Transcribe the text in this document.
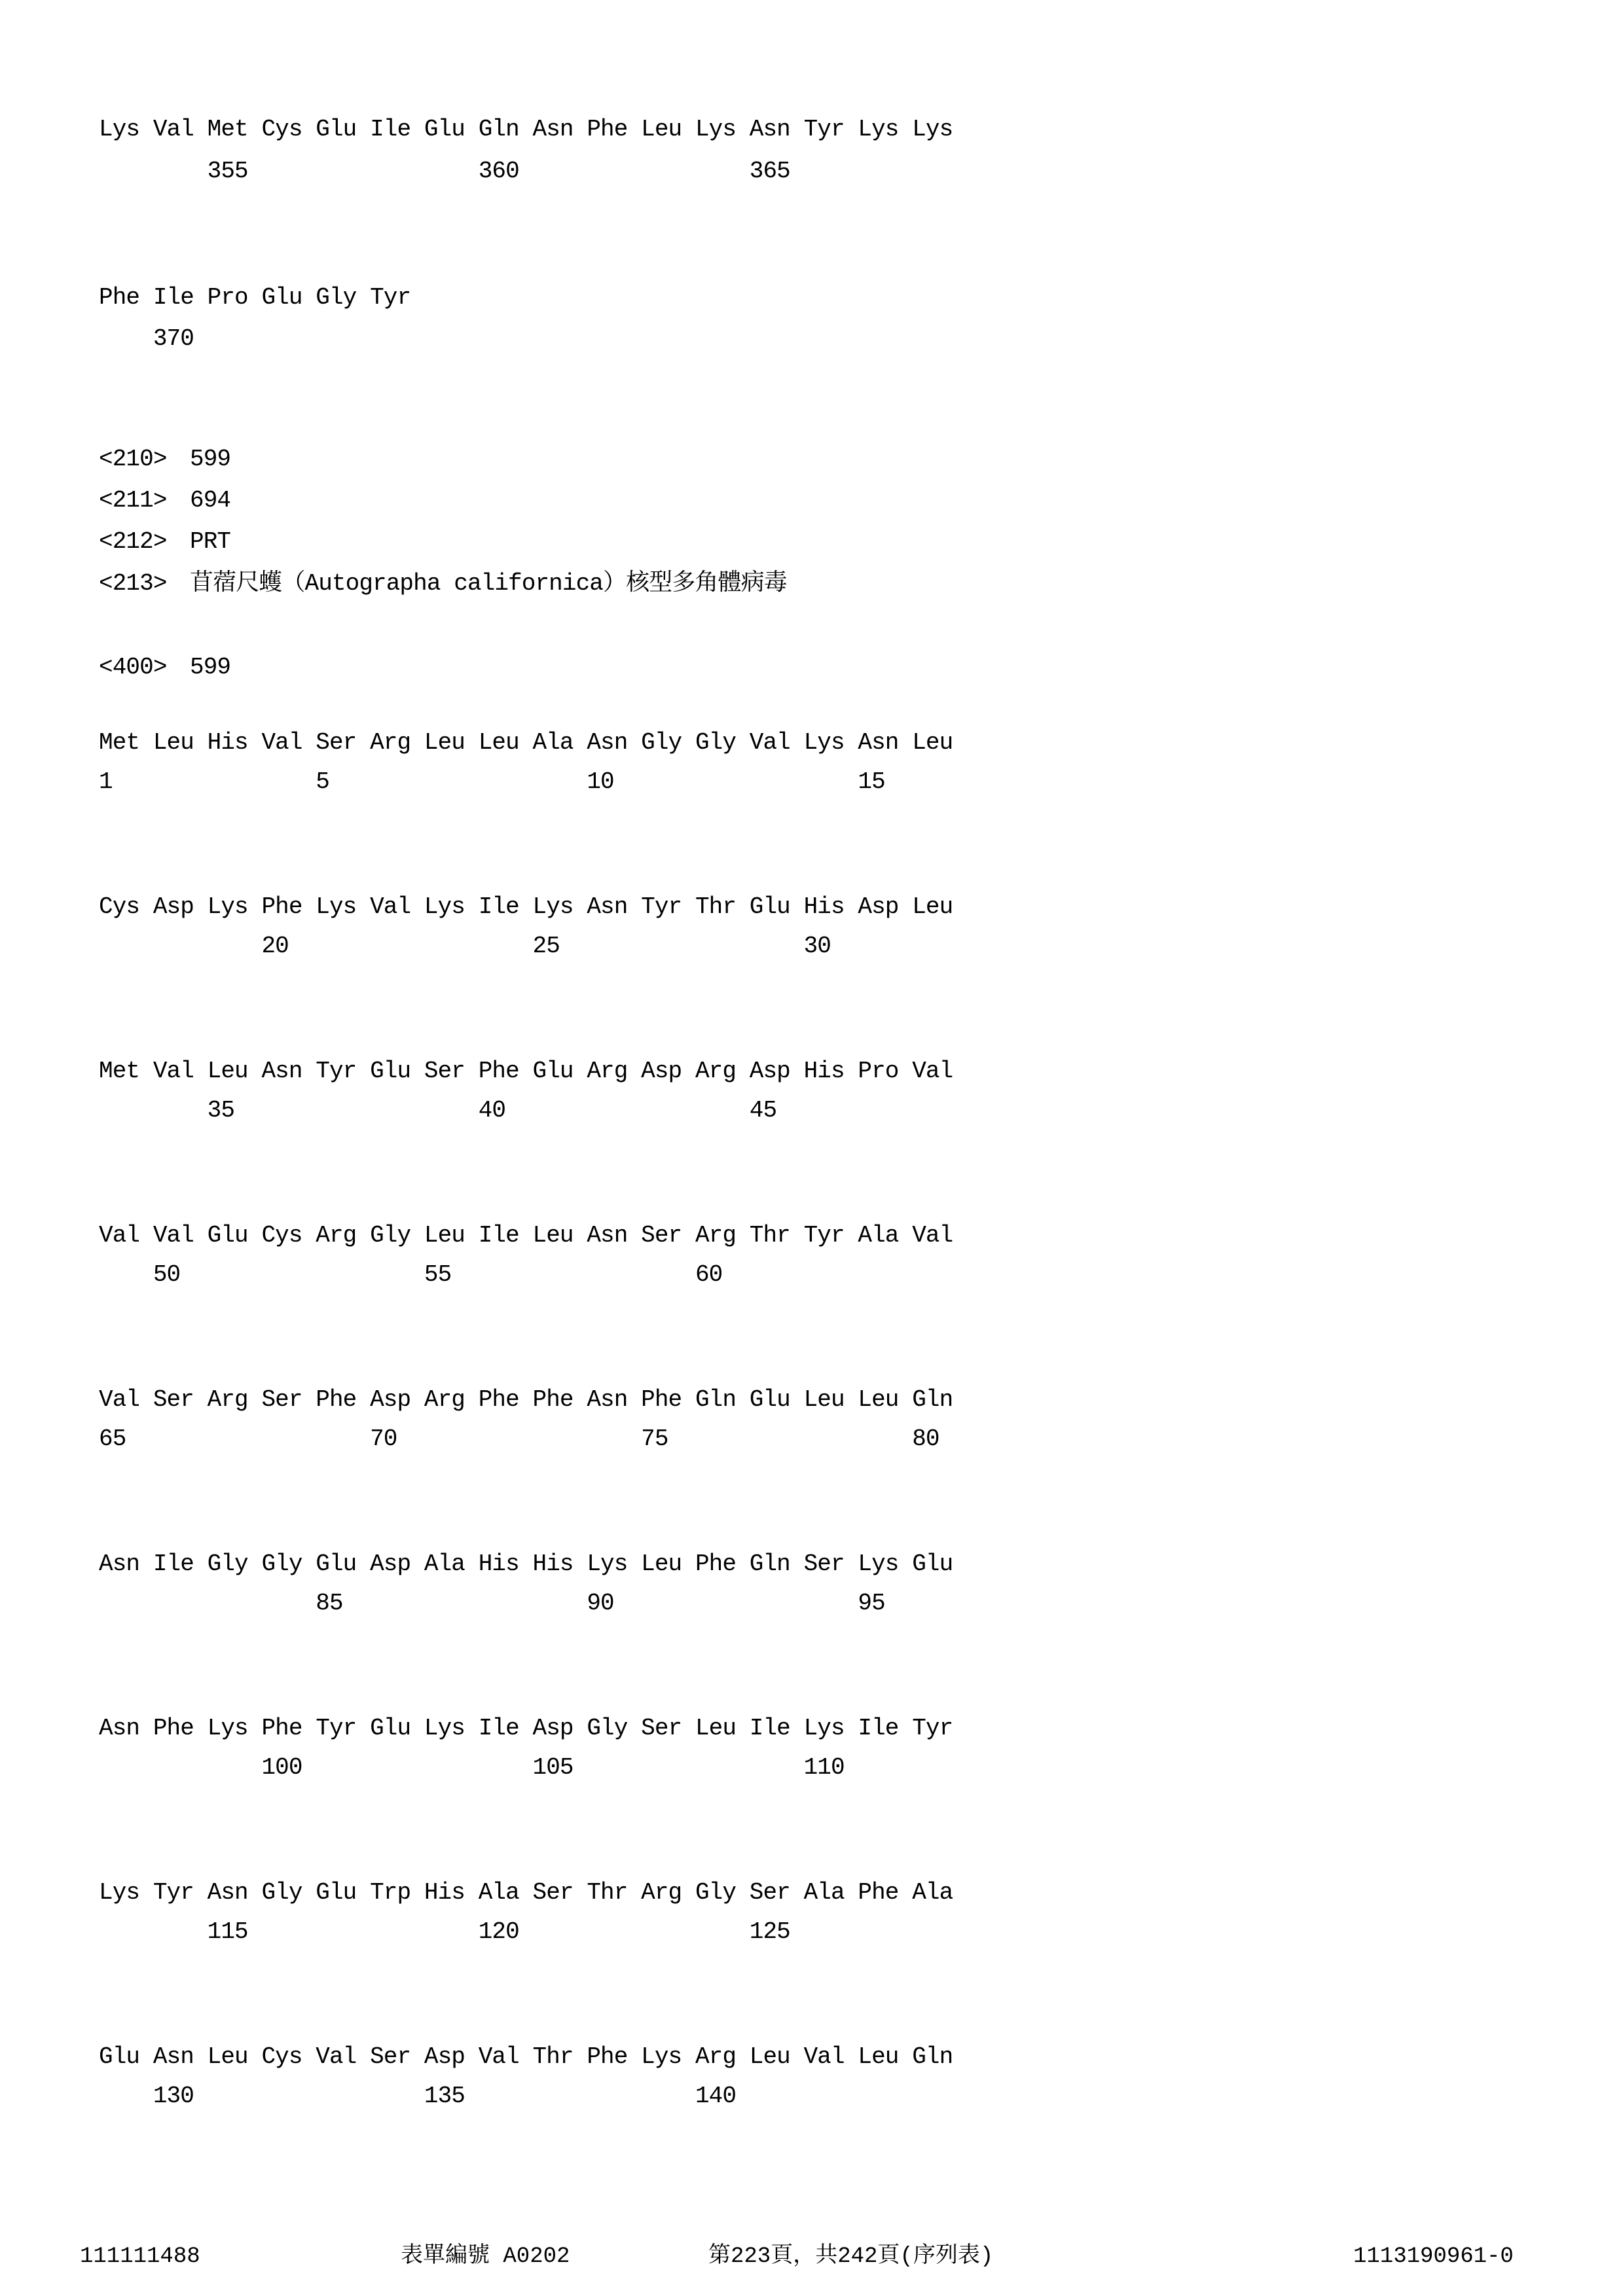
Lys Val Met Cys Glu Ile Glu Gln Asn Phe Leu Lys Asn Tyr Lys Lys
355                 360                 365
Phe Ile Pro Glu Gly Tyr
370
<210> 599
<211> 694
<212> PRT
<213> 苜蓿尺蠖（Autographa californica）核型多角體病毒
<400> 599
Met Leu His Val Ser Arg Leu Leu Ala Asn Gly Gly Val Lys Asn Leu
1               5                   10                  15
Cys Asp Lys Phe Lys Val Lys Ile Lys Asn Tyr Thr Glu His Asp Leu
20                  25                  30
Met Val Leu Asn Tyr Glu Ser Phe Glu Arg Asp Arg Asp His Pro Val
35                  40                  45
Val Val Glu Cys Arg Gly Leu Ile Leu Asn Ser Arg Thr Tyr Ala Val
50                  55                  60
Val Ser Arg Ser Phe Asp Arg Phe Phe Asn Phe Gln Glu Leu Leu Gln
65                  70                  75                  80
Asn Ile Gly Gly Glu Asp Ala His His Lys Leu Phe Gln Ser Lys Glu
85                  90                  95
Asn Phe Lys Phe Tyr Glu Lys Ile Asp Gly Ser Leu Ile Lys Ile Tyr
100                 105                 110
Lys Tyr Asn Gly Glu Trp His Ala Ser Thr Arg Gly Ser Ala Phe Ala
115                 120                 125
Glu Asn Leu Cys Val Ser Asp Val Thr Phe Lys Arg Leu Val Leu Gln
130                 135                 140
111111488	表單編號 A0202	第223頁，共242頁(序列表)	1113190961-0
